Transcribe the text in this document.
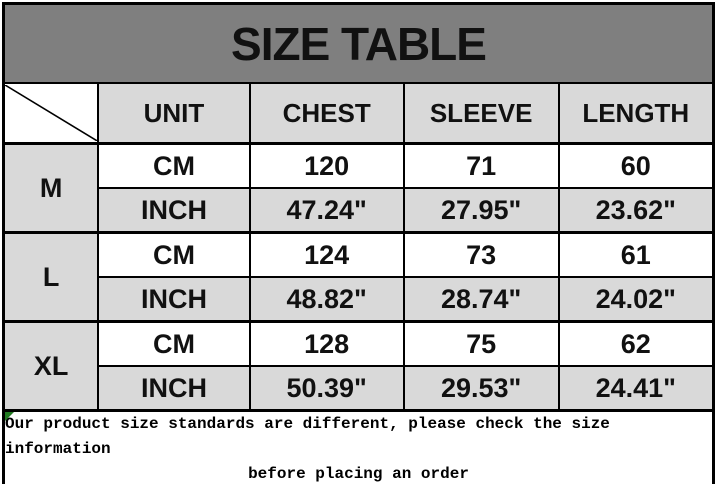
SIZE TABLE
	UNIT	CHEST	SLEEVE	LENGTH
M	CM	120	71	60
	INCH	47.24"	27.95"	23.62"
L	CM	124	73	61
	INCH	48.82"	28.74"	24.02"
XL	CM	128	75	62
	INCH	50.39"	29.53"	24.41"
Our product size standards are different, please check the size information
before placing an order
